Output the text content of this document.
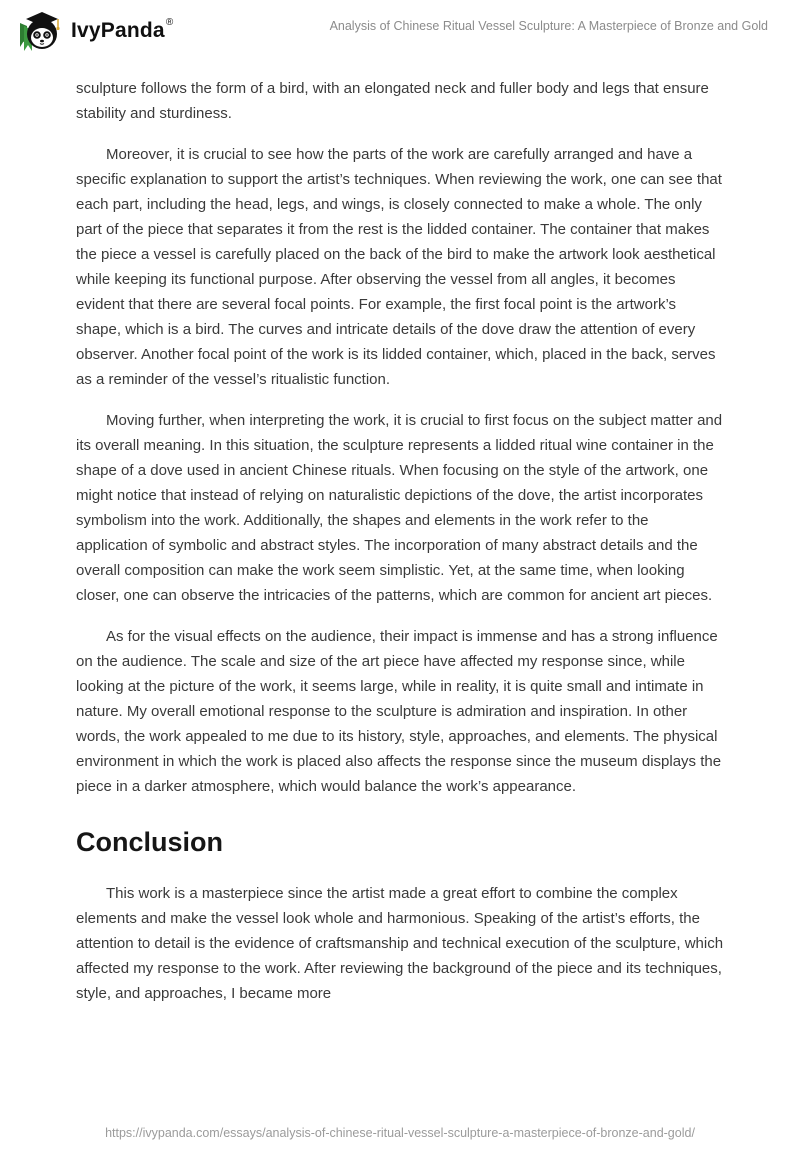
IvyPanda ®	Analysis of Chinese Ritual Vessel Sculpture: A Masterpiece of Bronze and Gold

sculpture follows the form of a bird, with an elongated neck and fuller body and legs that ensure stability and sturdiness.

Moreover, it is crucial to see how the parts of the work are carefully arranged and have a specific explanation to support the artist’s techniques. When reviewing the work, one can see that each part, including the head, legs, and wings, is closely connected to make a whole. The only part of the piece that separates it from the rest is the lidded container. The container that makes the piece a vessel is carefully placed on the back of the bird to make the artwork look aesthetical while keeping its functional purpose. After observing the vessel from all angles, it becomes evident that there are several focal points. For example, the first focal point is the artwork’s shape, which is a bird. The curves and intricate details of the dove draw the attention of every observer. Another focal point of the work is its lidded container, which, placed in the back, serves as a reminder of the vessel’s ritualistic function.

Moving further, when interpreting the work, it is crucial to first focus on the subject matter and its overall meaning. In this situation, the sculpture represents a lidded ritual wine container in the shape of a dove used in ancient Chinese rituals. When focusing on the style of the artwork, one might notice that instead of relying on naturalistic depictions of the dove, the artist incorporates symbolism into the work. Additionally, the shapes and elements in the work refer to the application of symbolic and abstract styles. The incorporation of many abstract details and the overall composition can make the work seem simplistic. Yet, at the same time, when looking closer, one can observe the intricacies of the patterns, which are common for ancient art pieces.

As for the visual effects on the audience, their impact is immense and has a strong influence on the audience. The scale and size of the art piece have affected my response since, while looking at the picture of the work, it seems large, while in reality, it is quite small and intimate in nature. My overall emotional response to the sculpture is admiration and inspiration. In other words, the work appealed to me due to its history, style, approaches, and elements. The physical environment in which the work is placed also affects the response since the museum displays the piece in a darker atmosphere, which would balance the work’s appearance.

Conclusion

This work is a masterpiece since the artist made a great effort to combine the complex elements and make the vessel look whole and harmonious. Speaking of the artist’s efforts, the attention to detail is the evidence of craftsmanship and technical execution of the sculpture, which affected my response to the work. After reviewing the background of the piece and its techniques, style, and approaches, I became more

https://ivypanda.com/essays/analysis-of-chinese-ritual-vessel-sculpture-a-masterpiece-of-bronze-and-gold/
